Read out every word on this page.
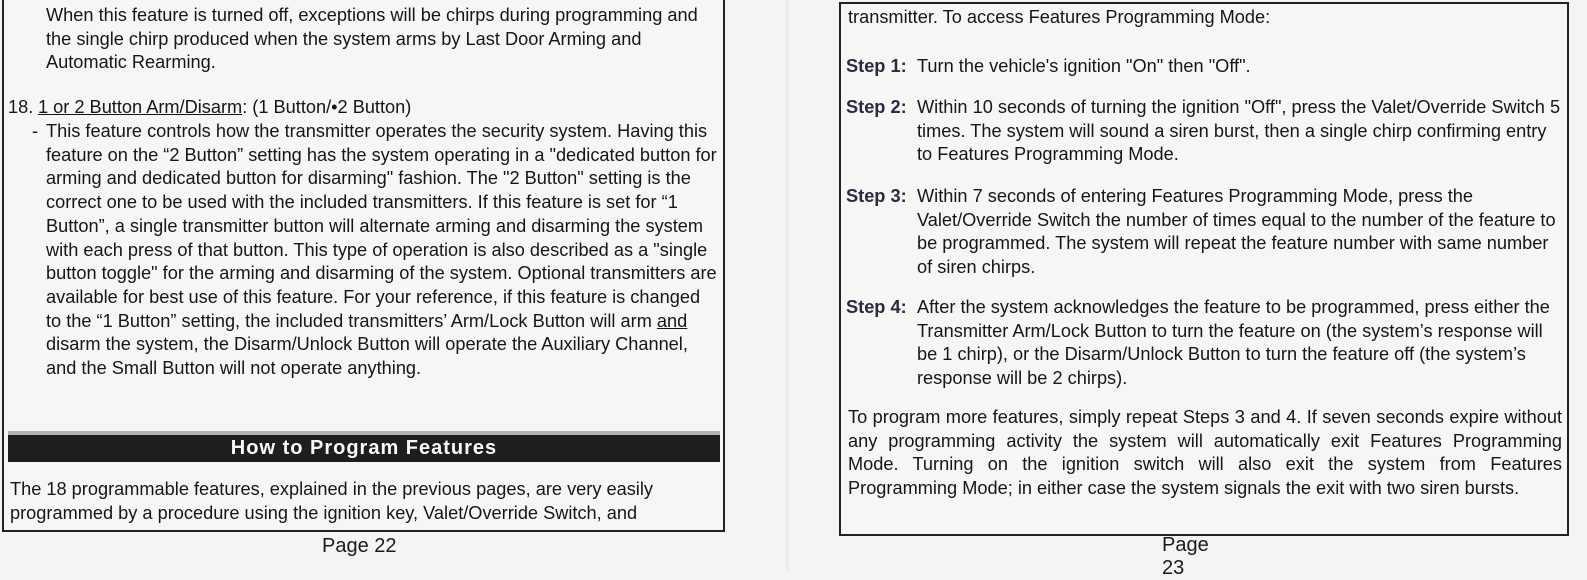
When this feature is turned off, exceptions will be chirps during programming and the single chirp produced when the system arms by Last Door Arming and Automatic Rearming.

18. 1 or 2 Button Arm/Disarm: (1 Button/•2 Button)

- This feature controls how the transmitter operates the security system. Having this feature on the “2 Button” setting has the system operating in a "dedicated button for arming and dedicated button for disarming" fashion. The "2 Button" setting is the correct one to be used with the included transmitters. If this feature is set for “1 Button”, a single transmitter button will alternate arming and disarming the system with each press of that button. This type of operation is also described as a "single button toggle" for the arming and disarming of the system. Optional transmitters are available for best use of this feature. For your reference, if this feature is changed to the “1 Button” setting, the included transmitters’ Arm/Lock Button will arm and disarm the system, the Disarm/Unlock Button will operate the Auxiliary Channel, and the Small Button will not operate anything.

How to Program Features

The 18 programmable features, explained in the previous pages, are very easily programmed by a procedure using the ignition key, Valet/Override Switch, and

Page 22

transmitter. To access Features Programming Mode:

Step 1: Turn the vehicle's ignition "On" then "Off".
Step 2: Within 10 seconds of turning the ignition "Off", press the Valet/Override Switch 5 times. The system will sound a siren burst, then a single chirp confirming entry to Features Programming Mode.
Step 3: Within 7 seconds of entering Features Programming Mode, press the Valet/Override Switch the number of times equal to the number of the feature to be programmed. The system will repeat the feature number with same number of siren chirps.
Step 4: After the system acknowledges the feature to be programmed, press either the Transmitter Arm/Lock Button to turn the feature on (the system’s response will be 1 chirp), or the Disarm/Unlock Button to turn the feature off (the system’s response will be 2 chirps).

To program more features, simply repeat Steps 3 and 4. If seven seconds expire without any programming activity the system will automatically exit Features Programming Mode. Turning on the ignition switch will also exit the system from Features Programming Mode; in either case the system signals the exit with two siren bursts.

Page 23
